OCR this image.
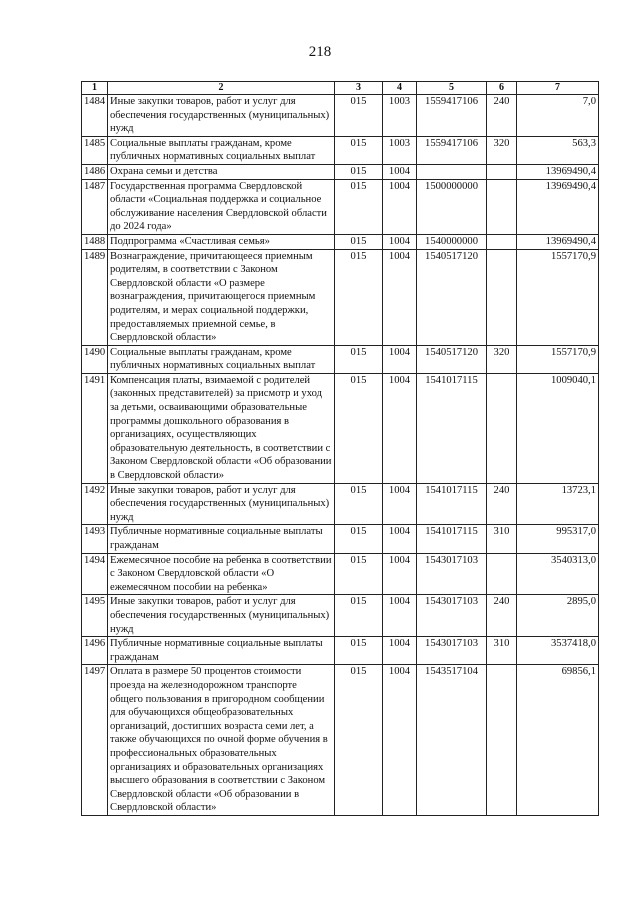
218
1	2	3	4	5	6	7
1484	Иные закупки товаров, работ и услуг для обеспечения государственных (муниципальных) нужд	015	1003	1559417106	240	7,0
1485	Социальные выплаты гражданам, кроме публичных нормативных социальных выплат	015	1003	1559417106	320	563,3
1486	Охрана семьи и детства	015	1004			13969490,4
1487	Государственная программа Свердловской области «Социальная поддержка и социальное обслуживание населения Свердловской области до 2024 года»	015	1004	1500000000		13969490,4
1488	Подпрограмма «Счастливая семья»	015	1004	1540000000		13969490,4
1489	Вознаграждение, причитающееся приемным родителям, в соответствии с Законом Свердловской области «О размере вознаграждения, причитающегося приемным родителям, и мерах социальной поддержки, предоставляемых приемной семье, в Свердловской области»	015	1004	1540517120		1557170,9
1490	Социальные выплаты гражданам, кроме публичных нормативных социальных выплат	015	1004	1540517120	320	1557170,9
1491	Компенсация платы, взимаемой с родителей (законных представителей) за присмотр и уход за детьми, осваивающими образовательные программы дошкольного образования в организациях, осуществляющих образовательную деятельность, в соответствии с Законом Свердловской области «Об образовании в Свердловской области»	015	1004	1541017115		1009040,1
1492	Иные закупки товаров, работ и услуг для обеспечения государственных (муниципальных) нужд	015	1004	1541017115	240	13723,1
1493	Публичные нормативные социальные выплаты гражданам	015	1004	1541017115	310	995317,0
1494	Ежемесячное пособие на ребенка в соответствии с Законом Свердловской области «О ежемесячном пособии на ребенка»	015	1004	1543017103		3540313,0
1495	Иные закупки товаров, работ и услуг для обеспечения государственных (муниципальных) нужд	015	1004	1543017103	240	2895,0
1496	Публичные нормативные социальные выплаты гражданам	015	1004	1543017103	310	3537418,0
1497	Оплата в размере 50 процентов стоимости проезда на железнодорожном транспорте общего пользования в пригородном сообщении для обучающихся общеобразовательных организаций, достигших возраста семи лет, а также обучающихся по очной форме обучения в профессиональных образовательных организациях и образовательных организациях высшего образования в соответствии с Законом Свердловской области «Об образовании в Свердловской области»	015	1004	1543517104		69856,1
